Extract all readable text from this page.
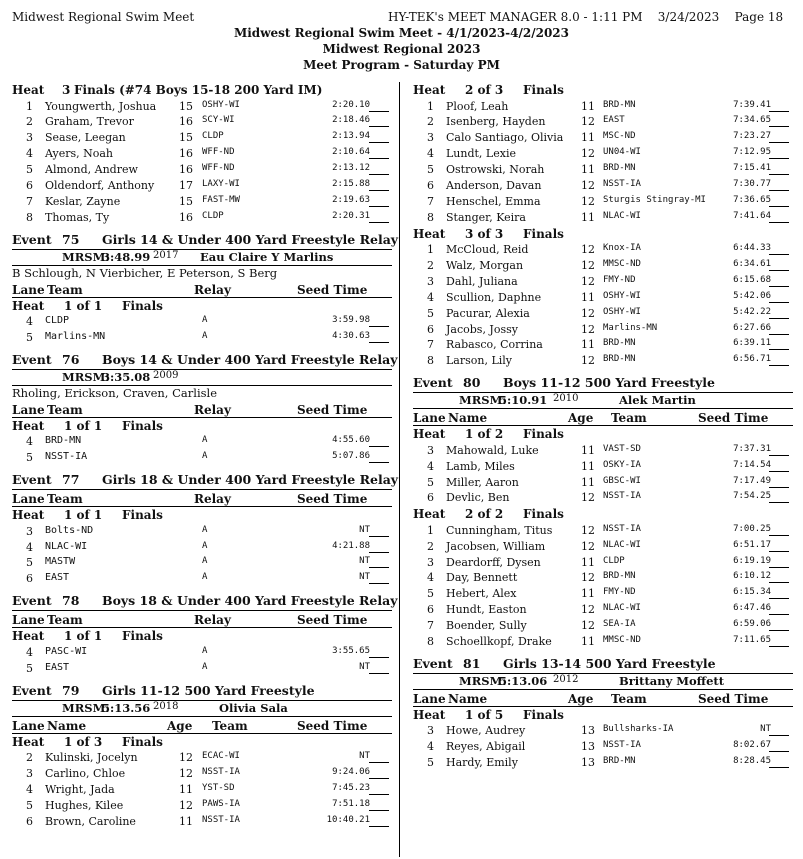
Midwest Regional Swim Meet	HY-TEK's MEET MANAGER 8.0 - 1:11 PM    3/24/2023    Page 18
Midwest Regional Swim Meet - 4/1/2023-4/2/2023
Midwest Regional 2023
Meet Program - Saturday PM
Heat 3 Finals (#74 Boys 15-18 200 Yard IM)
1 Youngwerth, Joshua 15 OSHY-WI	2:20.10
2 Graham, Trevor	16 SCY-WI	2:18.46
3 Sease, Leegan	15 CLDP	2:13.94
4 Ayers, Noah	16 WFF-ND	2:10.64
5 Almond, Andrew	16 WFF-ND	2:13.12
6 Oldendorf, Anthony 17 LAXY-WI	2:15.88
7 Keslar, Zayne	15 FAST-MW	2:19.63
8 Thomas, Ty	16 CLDP	2:20.31
Event 75 Girls 14 & Under 400 Yard Freestyle Relay
MRSM:
3:48.99 2017 Eau Claire Y Marlins
B Schlough, N Vierbicher, E Peterson, S Berg
Lane Team	Relay	Seed Time
Heat 1 of 1 Finals
4 CLDP	A	3:59.98
5 Marlins-MN	A	4:30.63
Event 76 Boys 14 & Under 400 Yard Freestyle Relay
MRSM:
3:35.08 2009
Rholing, Erickson, Craven, Carlisle
Lane Team	Relay	Seed Time
Heat 1 of 1 Finals
4 BRD-MN	A	4:55.60
5 NSST-IA	A	5:07.86
Event 77 Girls 18 & Under 400 Yard Freestyle Relay
Lane Team	Relay	Seed Time
Heat 1 of 1 Finals
3 Bolts-ND	A	NT
4 NLAC-WI	A	4:21.88
5 MASTW	A	NT
6 EAST	A	NT
Event 78 Boys 18 & Under 400 Yard Freestyle Relay
Lane Team	Relay	Seed Time
Heat 1 of 1 Finals
4 PASC-WI	A	3:55.65
5 EAST	A	NT
Event 79 Girls 11-12 500 Yard Freestyle
MRSM:
5:13.56 2018	Olivia Sala
Lane Name	Age Team	Seed Time
Heat 1 of 3 Finals
2 Kulinski, Jocelyn	12 ECAC-WI	NT
3 Carlino, Chloe	12 NSST-IA	9:24.06
4 Wright, Jada	11 YST-SD	7:45.23
5 Hughes, Kilee	12 PAWS-IA	7:51.18
6 Brown, Caroline	11 NSST-IA	10:40.21
Heat 2 of 3 Finals
1 Ploof, Leah	11 BRD-MN	7:39.41
2 Isenberg, Hayden	12 EAST	7:34.65
3 Calo Santiago, Olivia 11 MSC-ND	7:23.27
4 Lundt, Lexie	12 UN04-WI	7:12.95
5 Ostrowski, Norah	11 BRD-MN	7:15.41
6 Anderson, Davan	12 NSST-IA	7:30.77
7 Henschel, Emma	12 Sturgis Stingray-MI	7:36.65
8 Stanger, Keira	11 NLAC-WI	7:41.64
Heat 3 of 3 Finals
1 McCloud, Reid	12 Knox-IA	6:44.33
2 Walz, Morgan	12 MMSC-ND	6:34.61
3 Dahl, Juliana	12 FMY-ND	6:15.68
4 Scullion, Daphne	11 OSHY-WI	5:42.06
5 Pacurar, Alexia	12 OSHY-WI	5:42.22
6 Jacobs, Jossy	12 Marlins-MN	6:27.66
7 Rabasco, Corrina	11 BRD-MN	6:39.11
8 Larson, Lily	12 BRD-MN	6:56.71
Event 80 Boys 11-12 500 Yard Freestyle
MRSM:
5:10.91 2010	Alek Martin
Lane Name	Age Team	Seed Time
Heat 1 of 2 Finals
3 Mahowald, Luke	11 VAST-SD	7:37.31
4 Lamb, Miles	11 OSKY-IA	7:14.54
5 Miller, Aaron	11 GBSC-WI	7:17.49
6 Devlic, Ben	12 NSST-IA	7:54.25
Heat 2 of 2 Finals
1 Cunningham, Titus	12 NSST-IA	7:00.25
2 Jacobsen, William	12 NLAC-WI	6:51.17
3 Deardorff, Dysen	11 CLDP	6:19.19
4 Day, Bennett	12 BRD-MN	6:10.12
5 Hebert, Alex	11 FMY-ND	6:15.34
6 Hundt, Easton	12 NLAC-WI	6:47.46
7 Boender, Sully	12 SEA-IA	6:59.06
8 Schoellkopf, Drake	11 MMSC-ND	7:11.65
Event 81 Girls 13-14 500 Yard Freestyle
MRSM:
5:13.06 2012	Brittany Moffett
Lane Name	Age Team	Seed Time
Heat 1 of 5 Finals
3 Howe, Audrey	13 Bullsharks-IA	NT
4 Reyes, Abigail	13 NSST-IA	8:02.67
5 Hardy, Emily	13 BRD-MN	8:28.45
